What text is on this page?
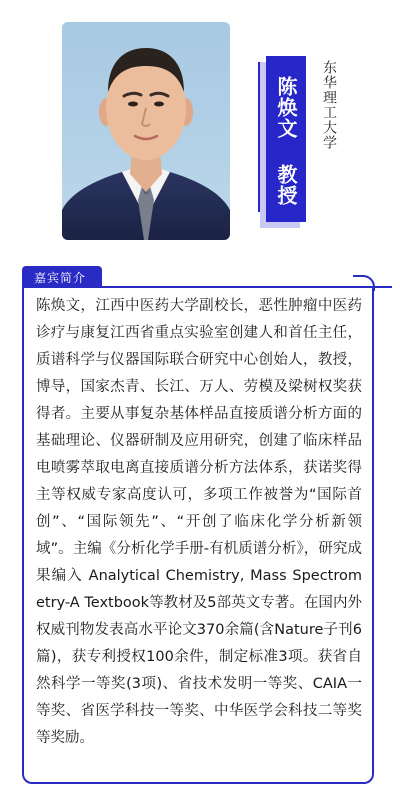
陈焕文 教授	东华理工大学
嘉宾简介
陈焕文，江西中医药大学副校长，恶性肿瘤中医药诊疗与康复江西省重点实验室创建人和首任主任，质谱科学与仪器国际联合研究中心创始人，教授，博导，国家杰青、长江、万人、劳模及梁树权奖获得者。主要从事复杂基体样品直接质谱分析方面的基础理论、仪器研制及应用研究，创建了临床样品电喷雾萃取电离直接质谱分析方法体系，获诺奖得主等权威专家高度认可，多项工作被誉为“国际首创”、“国际领先”、“开创了临床化学分析新领域”。主编《分析化学手册-有机质谱分析》，研究成果编入 Analytical Chemistry, Mass Spectrometry-A Textbook等教材及5部英文专著。在国内外权威刊物发表高水平论文370余篇(含Nature子刊6篇)，获专利授权100余件，制定标准3项。获省自然科学一等奖(3项)、省技术发明一等奖、CAIA一等奖、省医学科技一等奖、中华医学会科技二等奖等奖励。
